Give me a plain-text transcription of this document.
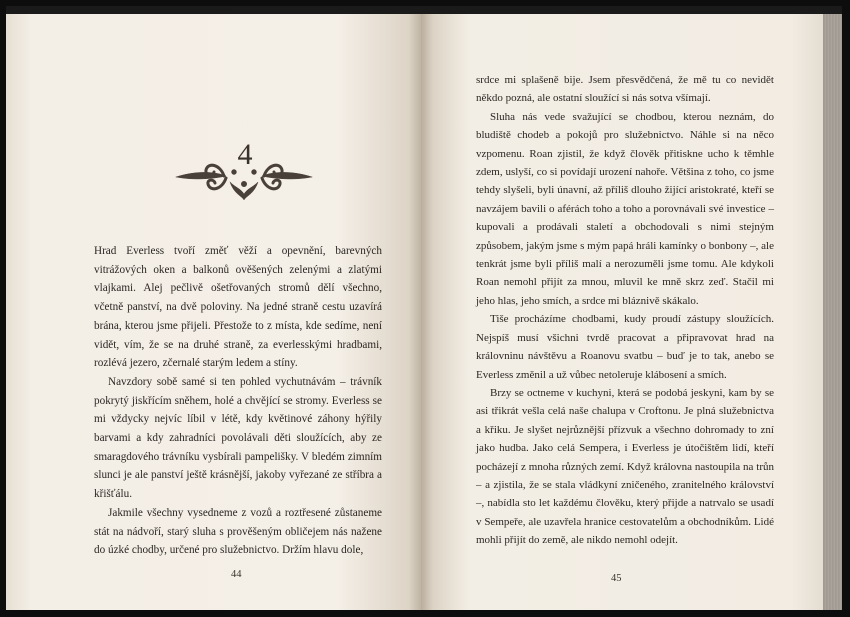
4

Hrad Everless tvoří změť věží a opevnění, barevných vitrážových oken a balkonů ověšených zelenými a zlatými vlajkami. Alej pečlivě ošetřovaných stromů dělí všechno, včetně panství, na dvě poloviny. Na jedné straně cestu uzavírá brána, kterou jsme přijeli. Přestože to z místa, kde sedíme, není vidět, vím, že se na druhé straně, za everlesskými hradbami, rozlévá jezero, zčernalé starým ledem a stíny.

Navzdory sobě samé si ten pohled vychutnávám – trávník pokrytý jiskřícím sněhem, holé a chvějící se stromy. Everless se mi vždycky nejvíc líbil v létě, kdy květinové záhony hýřily barvami a kdy zahradníci povolávali děti sloužících, aby ze smaragdového trávníku vysbírali pampelišky. V bledém zimním slunci je ale panství ještě krásnější, jakoby vyřezané ze stříbra a křišťálu.

Jakmile všechny vysedneme z vozů a roztřesené zůstaneme stát na nádvoří, starý sluha s prověšeným obličejem nás nažene do úzké chodby, určené pro služebnictvo. Držím hlavu dole,

44

srdce mi splašeně bije. Jsem přesvědčená, že mě tu co nevidět někdo pozná, ale ostatní sloužící si nás sotva všímají.

Sluha nás vede svažující se chodbou, kterou neznám, do bludiště chodeb a pokojů pro služebnictvo. Náhle si na něco vzpomenu. Roan zjistil, že když člověk přitiskne ucho k těmhle zdem, uslyší, co si povídají urození nahoře. Většina z toho, co jsme tehdy slyšeli, byli únavní, až příliš dlouho žijící aristokraté, kteří se navzájem bavili o aférách toho a toho a porovnávali své investice – kupovali a prodávali staletí a obchodovali s nimi stejným způsobem, jakým jsme s mým papá hráli kamínky o bonbony –, ale tenkrát jsme byli příliš malí a nerozuměli jsme tomu. Ale kdykoli Roan nemohl přijít za mnou, mluvil ke mně skrz zeď. Stačil mi jeho hlas, jeho smích, a srdce mi bláznivě skákalo.

Tiše procházíme chodbami, kudy proudí zástupy sloužících. Nejspíš musí všichni tvrdě pracovat a připravovat hrad na královninu návštěvu a Roanovu svatbu – buď je to tak, anebo se Everless změnil a už vůbec netoleruje klábosení a smích.

Brzy se octneme v kuchyni, která se podobá jeskyni, kam by se asi třikrát vešla celá naše chalupa v Croftonu. Je plná služebnictva a křiku. Je slyšet nejrůznější přízvuk a všechno dohromady to zní jako hudba. Jako celá Sempera, i Everless je útočištěm lidí, kteří pocházejí z mnoha různých zemí. Když královna nastoupila na trůn – a zjistila, že se stala vládkyní zničeného, zranitelného království –, nabídla sto let každému člověku, který přijde a natrvalo se usadí v Sempeře, ale uzavřela hranice cestovatelům a obchodníkům. Lidé mohli přijít do země, ale nikdo nemohl odejít.

45
